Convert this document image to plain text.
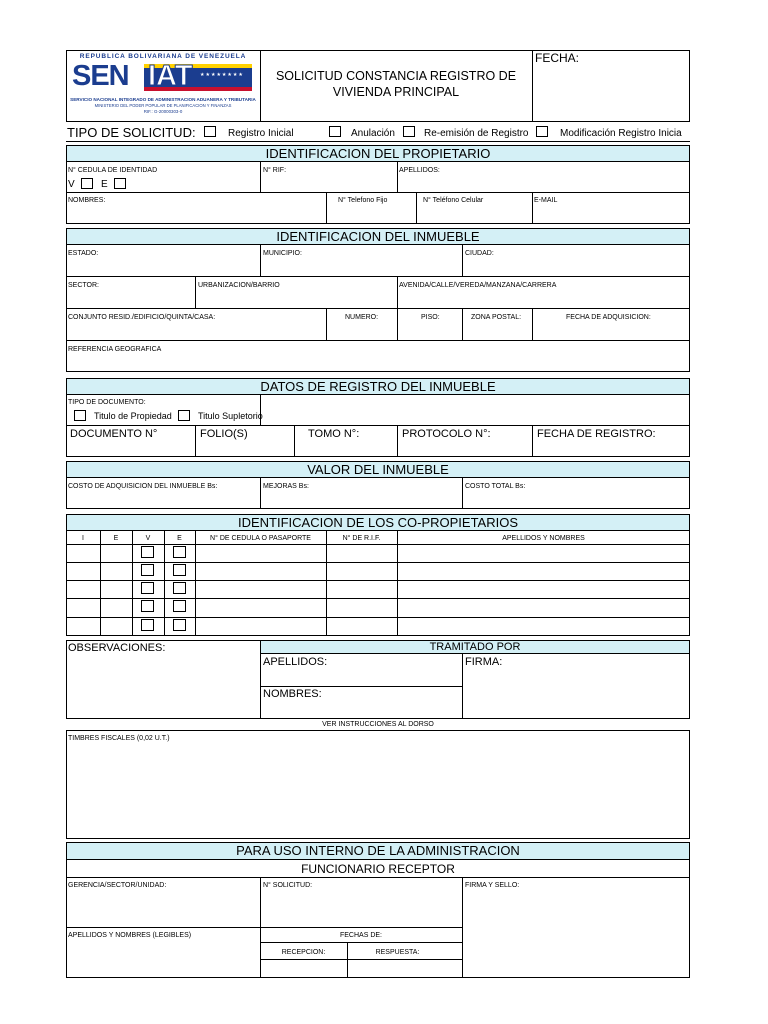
REPUBLICA BOLIVARIANA DE VENEZUELA
SEN	★★★★★★★★
IAT
SERVICIO NACIONAL INTEGRADO DE ADMINISTRACION ADUANERA Y TRIBUTARIA
MINISTERIO DEL PODER POPULAR DE PLANIFICACION Y FINANZAS
RIF.: G-20000303-0
SOLICITUD CONSTANCIA REGISTRO DE
VIVIENDA PRINCIPAL
FECHA:
TIPO DE SOLICITUD:	Registro Inicial	Anulación	Re-emisión de Registro	Modificación Registro Inicia
IDENTIFICACION DEL PROPIETARIO
N° CEDULA DE IDENTIDAD
V	E
N° RIF:	APELLIDOS:
NOMBRES:	N° Telefono Fijo	N° Teléfono Celular	E-MAIL
IDENTIFICACION DEL INMUEBLE
ESTADO:	MUNICIPIO:	CIUDAD:
SECTOR:	URBANIZACION/BARRIO	AVENIDA/CALLE/VEREDA/MANZANA/CARRERA
CONJUNTO RESID./EDIFICIO/QUINTA/CASA:	NUMERO:	PISO:	ZONA POSTAL:	FECHA DE ADQUISICION:
REFERENCIA GEOGRAFICA
DATOS DE REGISTRO DEL INMUEBLE
TIPO DE DOCUMENTO:
Titulo de Propiedad	Titulo Supletorio
DOCUMENTO N°	FOLIO(S)	TOMO N°:	PROTOCOLO N°:	FECHA DE REGISTRO:
VALOR DEL INMUEBLE
COSTO DE ADQUISICION DEL INMUEBLE Bs:	MEJORAS Bs:	COSTO TOTAL Bs:
IDENTIFICACION DE LOS CO-PROPIETARIOS
I	E	V	E	N° DE CEDULA O PASAPORTE	N° DE R.I.F.	APELLIDOS Y NOMBRES
TRAMITADO POR
OBSERVACIONES:
APELLIDOS:	FIRMA:
NOMBRES:
VER INSTRUCCIONES AL DORSO
TIMBRES FISCALES (0,02 U.T.)
PARA USO INTERNO DE LA ADMINISTRACION
FUNCIONARIO RECEPTOR
GERENCIA/SECTOR/UNIDAD:	N° SOLICITUD:	FIRMA Y SELLO:
APELLIDOS Y NOMBRES (LEGIBLES)	FECHAS DE:
RECEPCION:	RESPUESTA:
